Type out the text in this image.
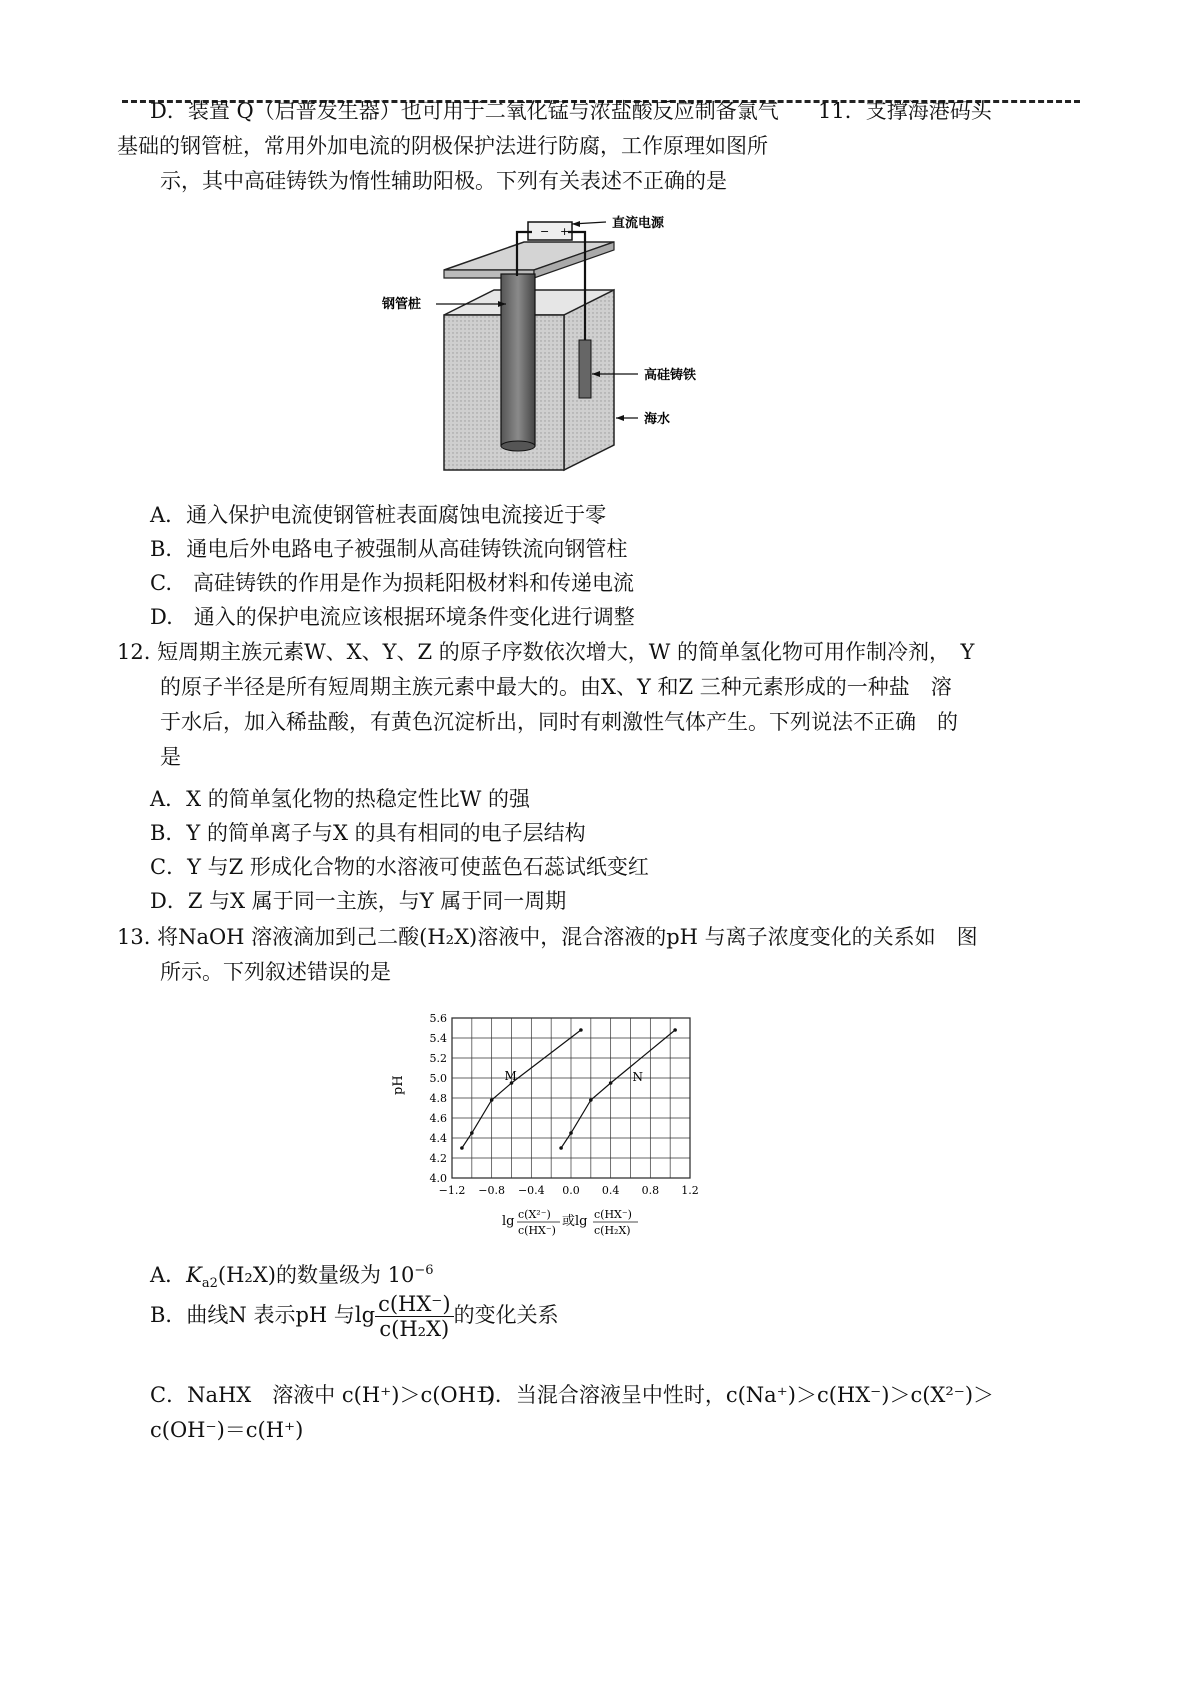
D．装置 Q（启普发生器）也可用于二氧化锰与浓盐酸反应制备氯气 11．支撑海港码头
基础的钢管桩，常用外加电流的阴极保护法进行防腐，工作原理如图所
示，其中高硅铸铁为惰性辅助阳极。下列有关表述不正确的是
− +
直流电源
钢管桩
高硅铸铁
海水
A．通入保护电流使钢管桩表面腐蚀电流接近于零
B．通电后外电路电子被强制从高硅铸铁流向钢管柱
C.　高硅铸铁的作用是作为损耗阳极材料和传递电流
D.　通入的保护电流应该根据环境条件变化进行调整
12. 短周期主族元素W、X、Y、Z 的原子序数依次增大，W 的简单氢化物可用作制冷剂，　Y
的原子半径是所有短周期主族元素中最大的。由X、Y 和Z 三种元素形成的一种盐　溶
于水后，加入稀盐酸，有黄色沉淀析出，同时有刺激性气体产生。下列说法不正确　的
是
A．X 的简单氢化物的热稳定性比W 的强
B．Y 的简单离子与X 的具有相同的电子层结构
C．Y 与Z 形成化合物的水溶液可使蓝色石蕊试纸变红
D．Z 与X 属于同一主族，与Y 属于同一周期
13. 将NaOH 溶液滴加到己二酸(H₂X)溶液中，混合溶液的pH 与离子浓度变化的关系如　图
所示。下列叙述错误的是
−1.2 −0.8 −0.4 0.0 0.4 0.8 1.2
4.0
4.2
4.4
4.6
4.8
5.0
5.2
5.4
5.6
M	N
pH
lg c(X²⁻)
c(HX⁻)
或lg c(HX⁻)
c(H₂X)
A．$K_{a2}(H_2X)$的数量级为 $10^{-6}$
B．曲线N 表示pH 与$\lg \frac{c(HX^-)}{\text{c(H₂X)}}$ 的变化关系
C．NaHX　溶液中 c(H⁺)＞c(OH⁻)
D．当混合溶液呈中性时，c(Na⁺)＞c(HX⁻)＞c(X²⁻)＞
c(OH⁻)＝c(H⁺)
